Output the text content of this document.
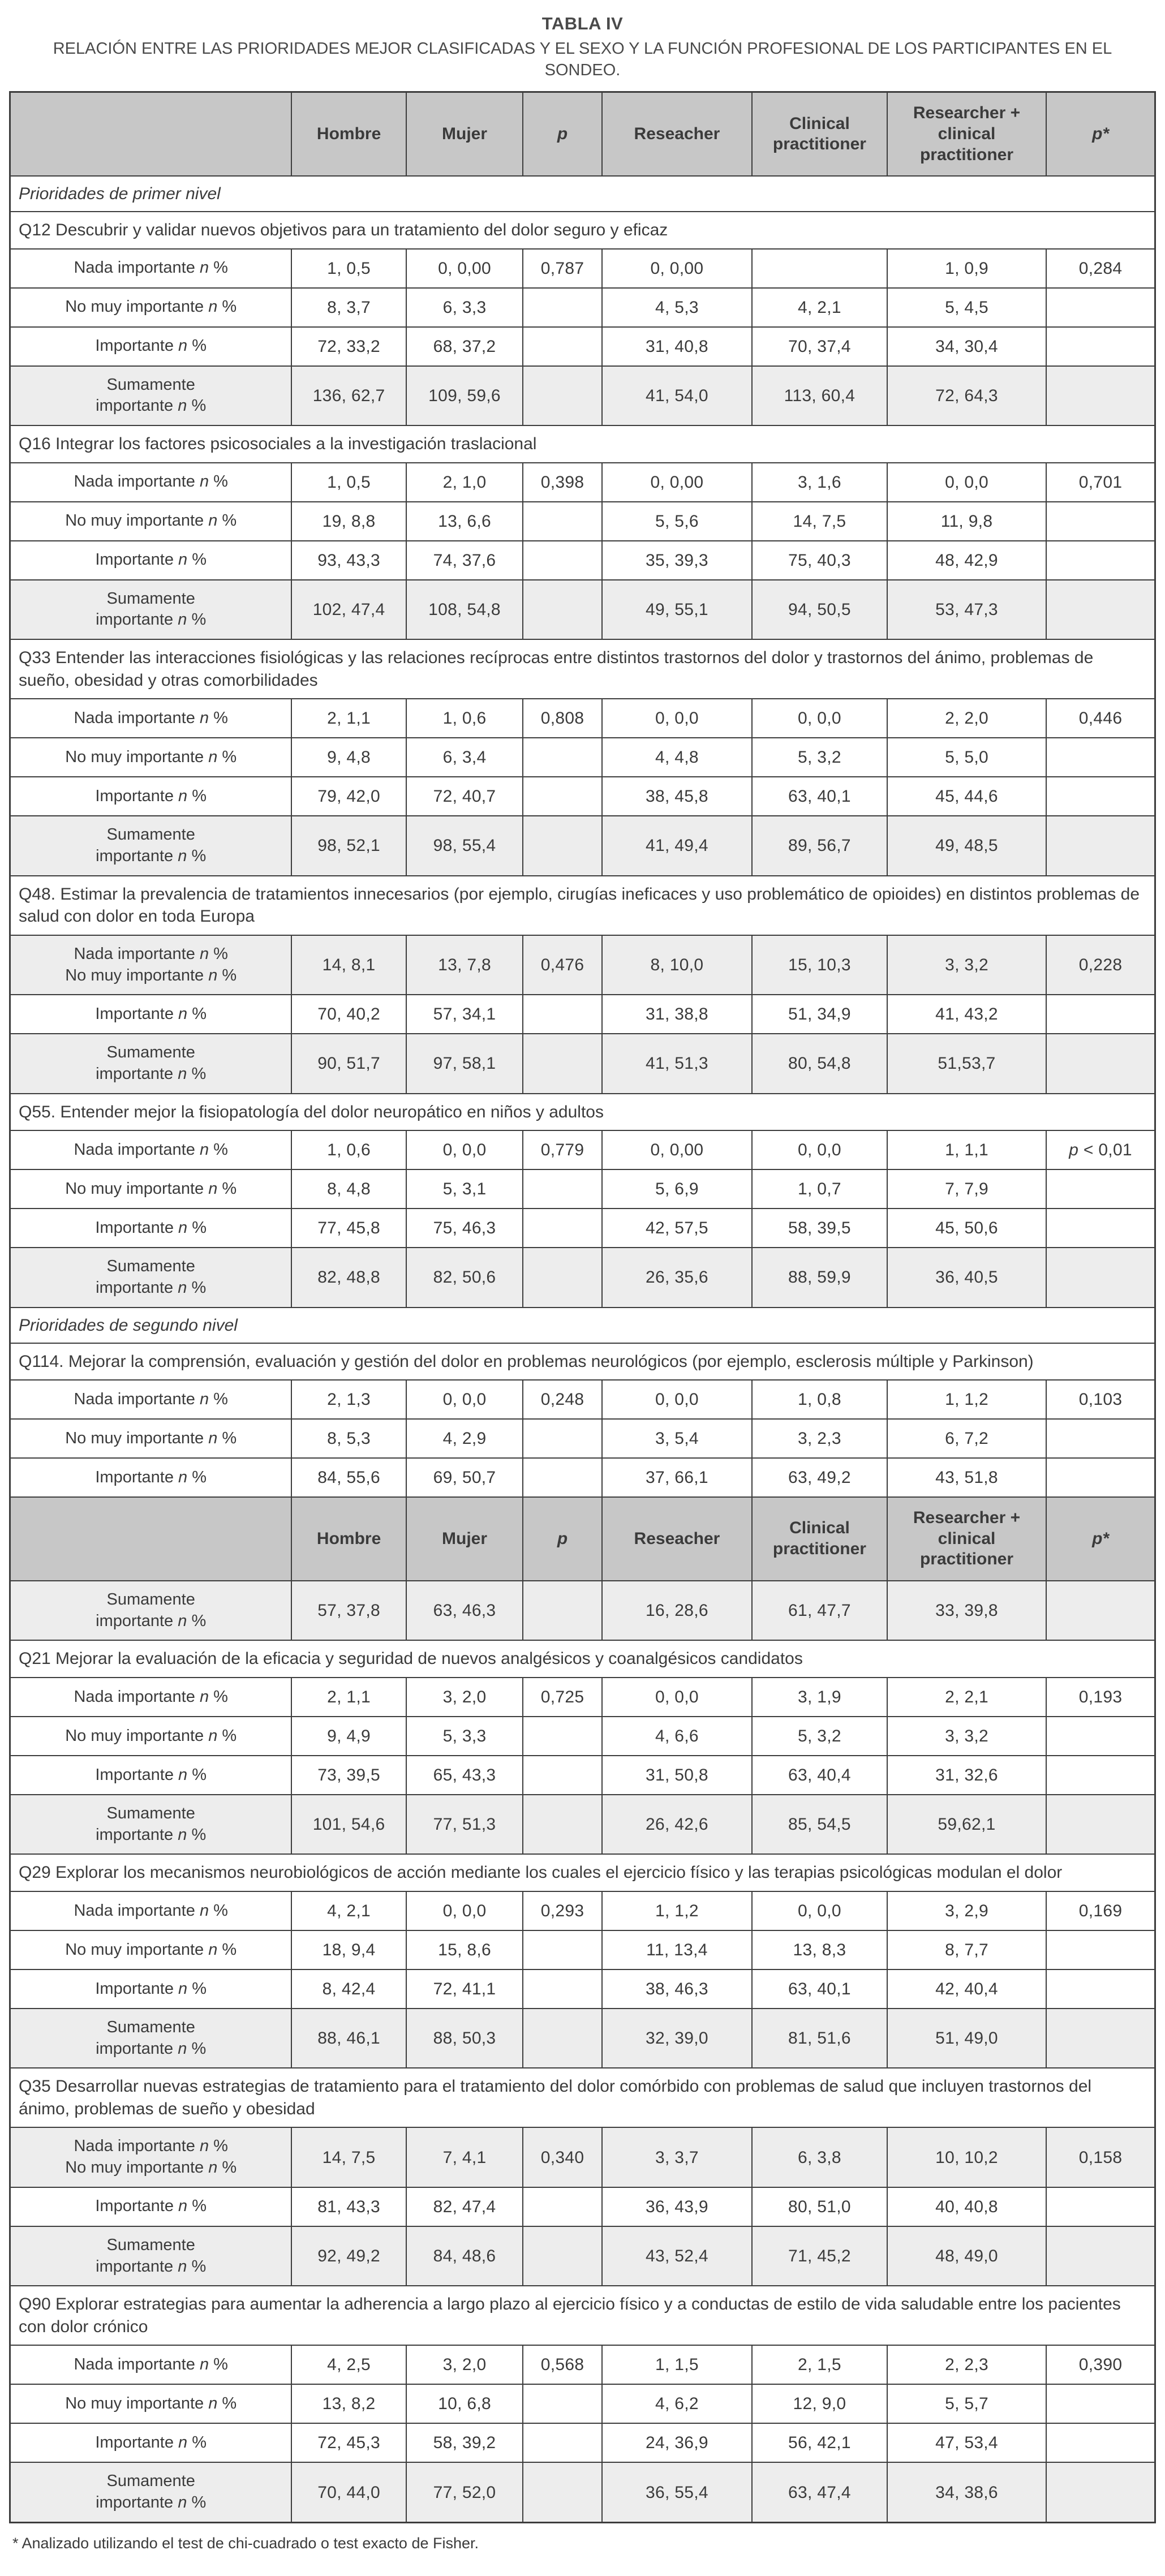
TABLA IV
RELACIÓN ENTRE LAS PRIORIDADES MEJOR CLASIFICADAS Y EL SEXO Y LA FUNCIÓN PROFESIONAL DE LOS PARTICIPANTES EN EL SONDEO.
	Hombre	Mujer	p	Reseacher	Clinical practitioner	Researcher + clinical practitioner	p*
Prioridades de primer nivel							
Q12 Descubrir y validar nuevos objetivos para un tratamiento del dolor seguro y eficaz							
Nada importante n %	1, 0,5	0, 0,00	0,787	0, 0,00		1, 0,9	0,284
No muy importante n %	8, 3,7	6, 3,3		4, 5,3	4, 2,1	5, 4,5	
Importante n %	72, 33,2	68, 37,2		31, 40,8	70, 37,4	34, 30,4	
Sumamente
importante n %	136, 62,7	109, 59,6		41, 54,0	113, 60,4	72, 64,3	
Q16 Integrar los factores psicosociales a la investigación traslacional							
Nada importante n %	1, 0,5	2, 1,0	0,398	0, 0,00	3, 1,6	0, 0,0	0,701
No muy importante n %	19, 8,8	13, 6,6		5, 5,6	14, 7,5	11, 9,8	
Importante n %	93, 43,3	74, 37,6		35, 39,3	75, 40,3	48, 42,9	
Sumamente
importante n %	102, 47,4	108, 54,8		49, 55,1	94, 50,5	53, 47,3	
Q33 Entender las interacciones fisiológicas y las relaciones recíprocas entre distintos trastornos del dolor y trastornos del ánimo, problemas de sueño, obesidad y otras comorbilidades							
Nada importante n %	2, 1,1	1, 0,6	0,808	0, 0,0	0, 0,0	2, 2,0	0,446
No muy importante n %	9, 4,8	6, 3,4		4, 4,8	5, 3,2	5, 5,0	
Importante n %	79, 42,0	72, 40,7		38, 45,8	63, 40,1	45, 44,6	
Sumamente
importante n %	98, 52,1	98, 55,4		41, 49,4	89, 56,7	49, 48,5	
Q48. Estimar la prevalencia de tratamientos innecesarios (por ejemplo, cirugías ineficaces y uso problemático de opioides) en distintos problemas de salud con dolor en toda Europa							
Nada importante n %
No muy importante n %	14, 8,1	13, 7,8	0,476	8, 10,0	15, 10,3	3, 3,2	0,228
Importante n %	70, 40,2	57, 34,1		31, 38,8	51, 34,9	41, 43,2	
Sumamente
importante n %	90, 51,7	97, 58,1		41, 51,3	80, 54,8	51,53,7	
Q55. Entender mejor la fisiopatología del dolor neuropático en niños y adultos							
Nada importante n %	1, 0,6	0, 0,0	0,779	0, 0,00	0, 0,0	1, 1,1	p < 0,01
No muy importante n %	8, 4,8	5, 3,1		5, 6,9	1, 0,7	7, 7,9	
Importante n %	77, 45,8	75, 46,3		42, 57,5	58, 39,5	45, 50,6	
Sumamente
importante n %	82, 48,8	82, 50,6		26, 35,6	88, 59,9	36, 40,5	
Prioridades de segundo nivel							
Q114. Mejorar la comprensión, evaluación y gestión del dolor en problemas neurológicos (por ejemplo, esclerosis múltiple y Parkinson)							
Nada importante n %	2, 1,3	0, 0,0	0,248	0, 0,0	1, 0,8	1, 1,2	0,103
No muy importante n %	8, 5,3	4, 2,9		3, 5,4	3, 2,3	6, 7,2	
Importante n %	84, 55,6	69, 50,7		37, 66,1	63, 49,2	43, 51,8	
	Hombre	Mujer	p	Reseacher	Clinical practitioner	Researcher + clinical practitioner	p*
Sumamente
importante n %	57, 37,8	63, 46,3		16, 28,6	61, 47,7	33, 39,8	
Q21 Mejorar la evaluación de la eficacia y seguridad de nuevos analgésicos y coanalgésicos candidatos							
Nada importante n %	2, 1,1	3, 2,0	0,725	0, 0,0	3, 1,9	2, 2,1	0,193
No muy importante n %	9, 4,9	5, 3,3		4, 6,6	5, 3,2	3, 3,2	
Importante n %	73, 39,5	65, 43,3		31, 50,8	63, 40,4	31, 32,6	
Sumamente
importante n %	101, 54,6	77, 51,3		26, 42,6	85, 54,5	59,62,1	
Q29 Explorar los mecanismos neurobiológicos de acción mediante los cuales el ejercicio físico y las terapias psicológicas modulan el dolor							
Nada importante n %	4, 2,1	0, 0,0	0,293	1, 1,2	0, 0,0	3, 2,9	0,169
No muy importante n %	18, 9,4	15, 8,6		11, 13,4	13, 8,3	8, 7,7	
Importante n %	8, 42,4	72, 41,1		38, 46,3	63, 40,1	42, 40,4	
Sumamente
importante n %	88, 46,1	88, 50,3		32, 39,0	81, 51,6	51, 49,0	
Q35 Desarrollar nuevas estrategias de tratamiento para el tratamiento del dolor comórbido con problemas de salud que incluyen trastornos del ánimo, problemas de sueño y obesidad							
Nada importante n %
No muy importante n %	14, 7,5	7, 4,1	0,340	3, 3,7	6, 3,8	10, 10,2	0,158
Importante n %	81, 43,3	82, 47,4		36, 43,9	80, 51,0	40, 40,8	
Sumamente
importante n %	92, 49,2	84, 48,6		43, 52,4	71, 45,2	48, 49,0	
Q90 Explorar estrategias para aumentar la adherencia a largo plazo al ejercicio físico y a conductas de estilo de vida saludable entre los pacientes con dolor crónico							
Nada importante n %	4, 2,5	3, 2,0	0,568	1, 1,5	2, 1,5	2, 2,3	0,390
No muy importante n %	13, 8,2	10, 6,8		4, 6,2	12, 9,0	5, 5,7	
Importante n %	72, 45,3	58, 39,2		24, 36,9	56, 42,1	47, 53,4	
Sumamente
importante n %	70, 44,0	77, 52,0		36, 55,4	63, 47,4	34, 38,6	

* Analizado utilizando el test de chi-cuadrado o test exacto de Fisher.
